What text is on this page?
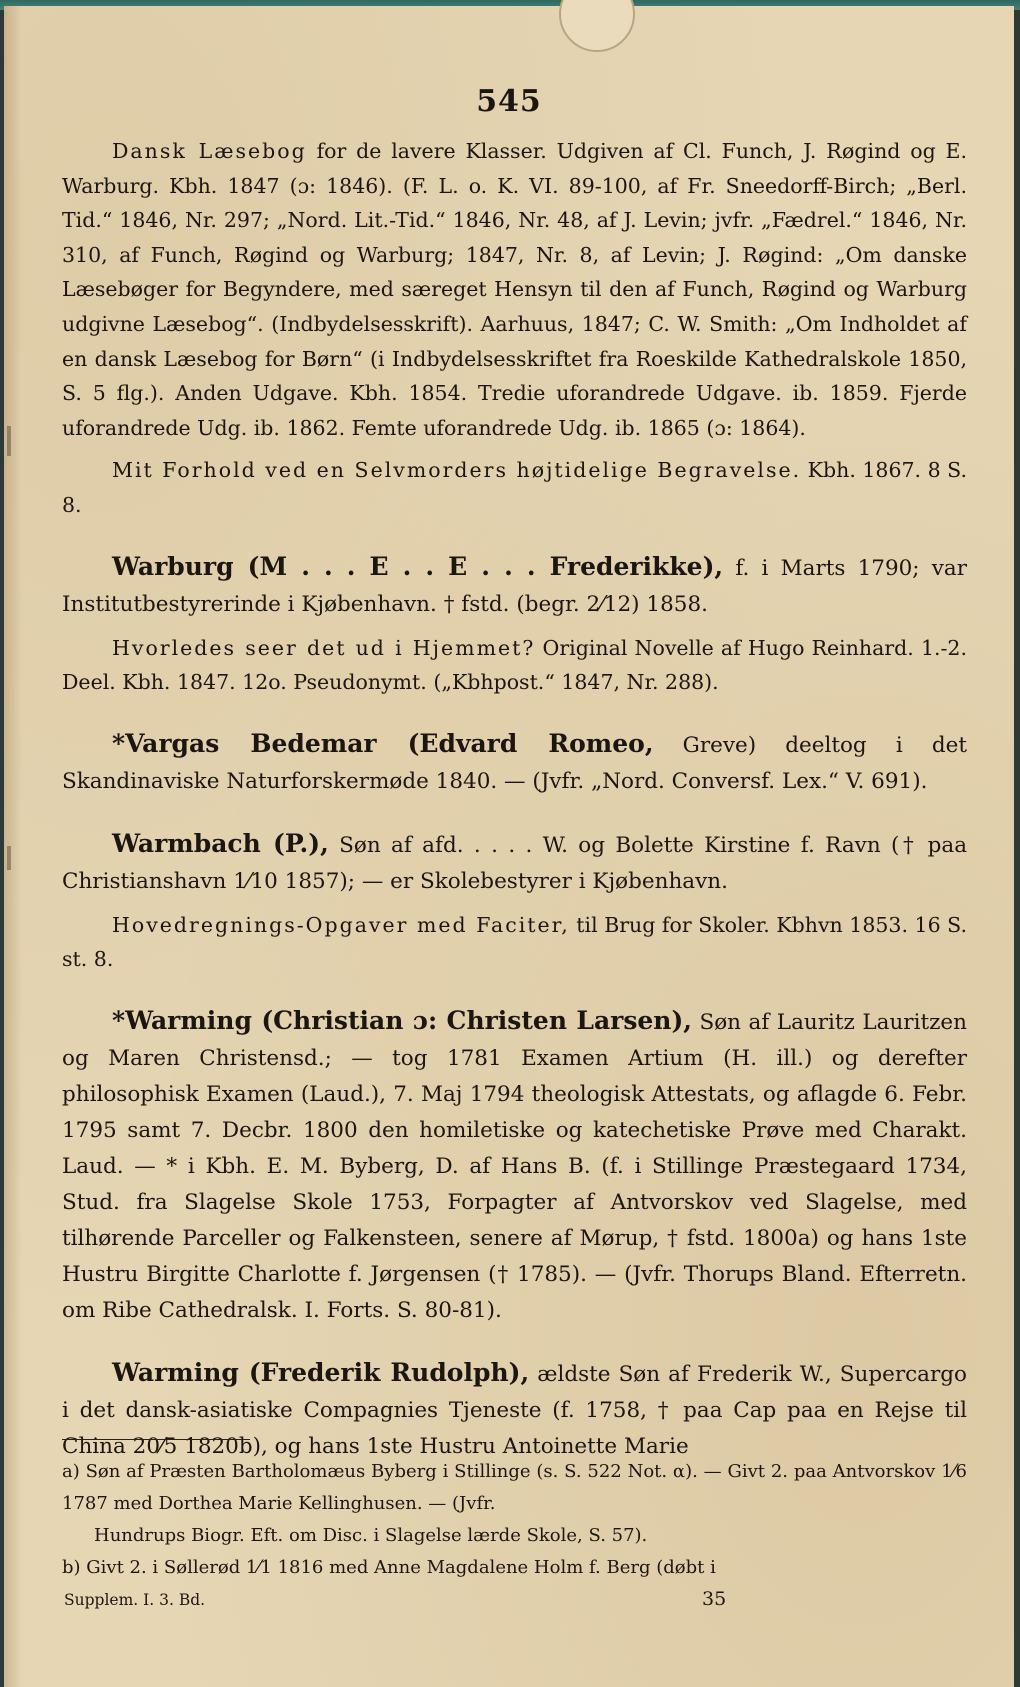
545

Dansk Læsebog for de lavere Klasser. Udgiven af Cl. Funch, J. Røgind og E. Warburg. Kbh. 1847 (ɔ: 1846). (F. L. o. K. VI. 89-100, af Fr. Sneedorff-Birch; „Berl. Tid.“ 1846, Nr. 297; „Nord. Lit.-Tid.“ 1846, Nr. 48, af J. Levin; jvfr. „Fædrel.“ 1846, Nr. 310, af Funch, Røgind og Warburg; 1847, Nr. 8, af Levin; J. Røgind: „Om danske Læsebøger for Begyndere, med særeget Hensyn til den af Funch, Røgind og Warburg udgivne Læsebog“. (Indbydelsesskrift). Aarhuus, 1847; C. W. Smith: „Om Indholdet af en dansk Læsebog for Børn“ (i Indbydelsesskriftet fra Roeskilde Kathedralskole 1850, S. 5 flg.). Anden Udgave. Kbh. 1854. Tredie uforandrede Udgave. ib. 1859. Fjerde uforandrede Udg. ib. 1862. Femte uforandrede Udg. ib. 1865 (ɔ: 1864).

Mit Forhold ved en Selvmorders højtidelige Begravelse. Kbh. 1867. 8 S. 8.

Warburg (M . . . E . . E . . . Frederikke), f. i Marts 1790; var Institutbestyrerinde i Kjøbenhavn. † fstd. (begr. 2⁄12) 1858.

Hvorledes seer det ud i Hjemmet? Original Novelle af Hugo Reinhard. 1.-2. Deel. Kbh. 1847. 12o. Pseudonymt. („Kbhpost.“ 1847, Nr. 288).

*Vargas Bedemar (Edvard Romeo, Greve) deeltog i det Skandinaviske Naturforskermøde 1840. — (Jvfr. „Nord. Conversf. Lex.“ V. 691).

Warmbach (P.), Søn af afd. . . . . W. og Bolette Kirstine f. Ravn († paa Christianshavn 1⁄10 1857); — er Skolebestyrer i Kjøbenhavn.

Hovedregnings-Opgaver med Faciter, til Brug for Skoler. Kbhvn 1853. 16 S. st. 8.

*Warming (Christian ɔ: Christen Larsen), Søn af Lauritz Lauritzen og Maren Christensd.; — tog 1781 Examen Artium (H. ill.) og derefter philosophisk Examen (Laud.), 7. Maj 1794 theologisk Attestats, og aflagde 6. Febr. 1795 samt 7. Decbr. 1800 den homiletiske og katechetiske Prøve med Charakt. Laud. — * i Kbh. E. M. Byberg, D. af Hans B. (f. i Stillinge Præstegaard 1734, Stud. fra Slagelse Skole 1753, Forpagter af Antvorskov ved Slagelse, med tilhørende Parceller og Falkensteen, senere af Mørup, † fstd. 1800a) og hans 1ste Hustru Birgitte Charlotte f. Jørgensen († 1785). — (Jvfr. Thorups Bland. Efterretn. om Ribe Cathedralsk. I. Forts. S. 80-81).

Warming (Frederik Rudolph), ældste Søn af Frederik W., Supercargo i det dansk-asiatiske Compagnies Tjeneste (f. 1758, † paa Cap paa en Rejse til China 20⁄5 1820b), og hans 1ste Hustru Antoinette Marie

a) Søn af Præsten Bartholomæus Byberg i Stillinge (s. S. 522 Not. α). — Givt 2. paa Antvorskov 1⁄6 1787 med Dorthea Marie Kellinghusen. — (Jvfr.

Hundrups Biogr. Eft. om Disc. i Slagelse lærde Skole, S. 57).

b) Givt 2. i Søllerød 1⁄1 1816 med Anne Magdalene Holm f. Berg (døbt i

Supplem. I. 3. Bd.	35
